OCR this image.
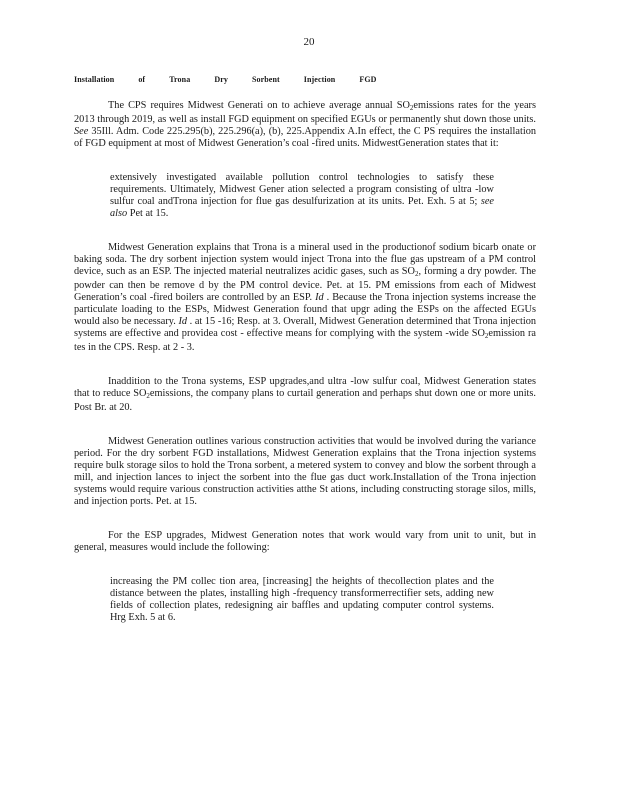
20
Installation	of	Trona	Dry	Sorbent	Injection	FGD

The CPS requires Midwest Generati on to achieve average annual $SO_2emissions$ rates for the years 2013 through 2019, as well as install FGD equipment on specified EGUs or permanently shut down those units. See 35Ill. Adm. Code 225.295(b), 225.296(a), (b), 225.Appendix A.In effect, the C PS requires the installation of FGD equipment at most of Midwest Generation’s coal -fired units. MidwestGeneration states that it:

extensively investigated available pollution control technologies to satisfy these requirements. Ultimately, Midwest Gener ation selected a program consisting of ultra -low sulfur coal andTrona injection for flue gas desulfurization at its units. Pet. Exh. 5 at 5; see also Pet at 15.

Midwest Generation explains that Trona is a mineral used in the productionof sodium bicarb onate or baking soda. The dry sorbent injection system would inject Trona into the flue gas upstream of a PM control device, such as an ESP. The injected material neutralizes acidic gases, such as $SO_2$, forming a dry powder. The powder can then be remove d by the PM control device. Pet. at 15. PM emissions from each of Midwest Generation’s coal -fired boilers are controlled by an ESP. Id . Because the Trona injection systems increase the particulate loading to the ESPs, Midwest Generation found that upgr ading the ESPs on the affected EGUs would also be necessary. Id . at 15 -16; Resp. at 3. Overall, Midwest Generation determined that Trona injection systems are effective and providea cost - effective means for complying with the system -wide $SO_2emission$ ra tes in the CPS. Resp. at 2 - 3.

Inaddition to the Trona systems, ESP upgrades,and ultra -low sulfur coal, Midwest Generation states that to reduce $SO_2emissions$, the company plans to curtail generation and perhaps shut down one or more units. Post Br. at 20.

Midwest Generation outlines various construction activities that would be involved during the variance period. For the dry sorbent FGD installations, Midwest Generation explains that the Trona injection systems require bulk storage silos to hold the Trona sorbent, a metered system to convey and blow the sorbent through a mill, and injection lances to inject the sorbent into the flue gas duct work.Installation of the Trona injection systems would require various construction activities atthe St ations, including constructing storage silos, mills, and injection ports. Pet. at 15.

For the ESP upgrades, Midwest Generation notes that work would vary from unit to unit, but in general, measures would include the following:

increasing the PM collec tion area, [increasing] the heights of thecollection plates and the distance between the plates, installing high -frequency transformerrectifier sets, adding new fields of collection plates, redesigning air baffles and updating computer control systems. Hrg Exh. 5 at 6.
